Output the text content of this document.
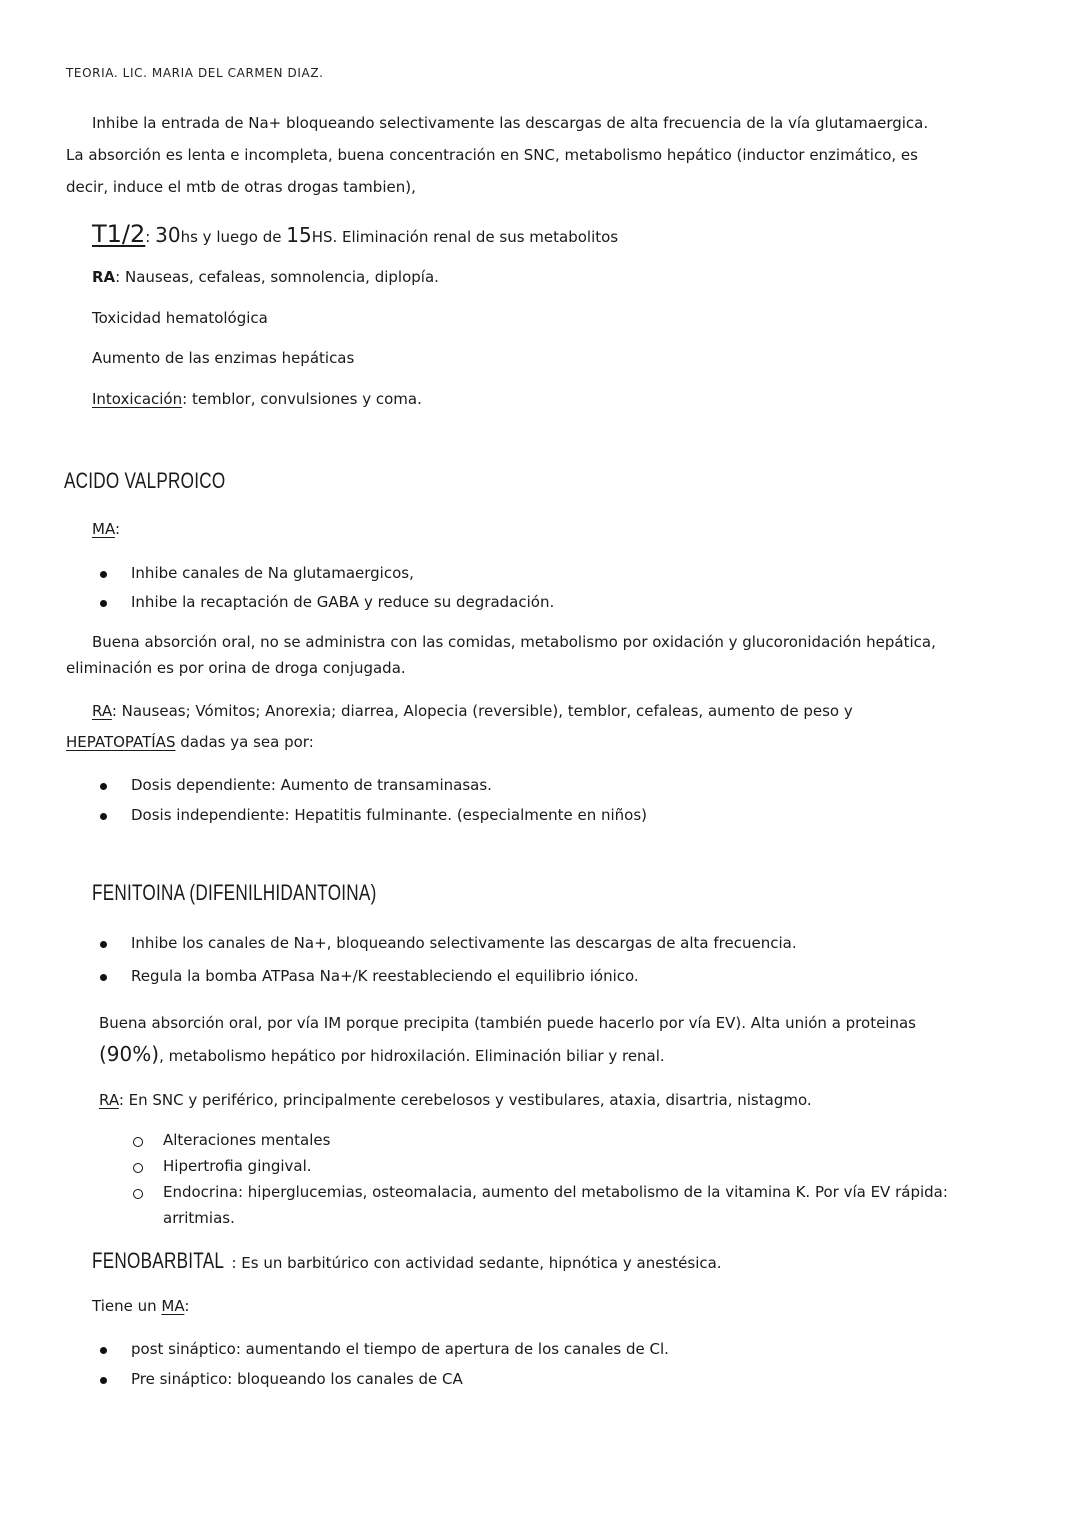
TEORIA. LIC. MARIA DEL CARMEN DIAZ.
Inhibe la entrada de Na+ bloqueando selectivamente las descargas de alta frecuencia de la vía glutamaergica.
La absorción es lenta e incompleta, buena concentración en SNC, metabolismo hepático (inductor enzimático, es
decir, induce el mtb de otras drogas tambien),
T1/2: 30hs y luego de 15HS. Eliminación renal de sus metabolitos
RA: Nauseas, cefaleas, somnolencia, diplopía.
Toxicidad hematológica
Aumento de las enzimas hepáticas
Intoxicación: temblor, convulsiones y coma.
ACIDO VALPROICO
MA:
Inhibe canales de Na glutamaergicos,
Inhibe la recaptación de GABA y reduce su degradación.
Buena absorción oral, no se administra con las comidas, metabolismo por oxidación y glucoronidación hepática,
eliminación es por orina de droga conjugada.
RA: Nauseas; Vómitos; Anorexia; diarrea, Alopecia (reversible), temblor, cefaleas, aumento de peso y
HEPATOPATÍAS dadas ya sea por:
Dosis dependiente: Aumento de transaminasas.
Dosis independiente: Hepatitis fulminante. (especialmente en niños)
FENITOINA (DIFENILHIDANTOINA)
Inhibe los canales de Na+, bloqueando selectivamente las descargas de alta frecuencia.
Regula la bomba ATPasa Na+/K reestableciendo el equilibrio iónico.
Buena absorción oral, por vía IM porque precipita (también puede hacerlo por vía EV). Alta unión a proteinas
(90%), metabolismo hepático por hidroxilación. Eliminación biliar y renal.
RA: En SNC y periférico, principalmente cerebelosos y vestibulares, ataxia, disartria, nistagmo.
Alteraciones mentales
Hipertrofia gingival.
Endocrina: hiperglucemias, osteomalacia, aumento del metabolismo de la vitamina K. Por vía EV rápida:
arritmias.
FENOBARBITAL : Es un barbitúrico con actividad sedante, hipnótica y anestésica.
Tiene un MA:
post sináptico: aumentando el tiempo de apertura de los canales de Cl.
Pre sináptico: bloqueando los canales de CA
